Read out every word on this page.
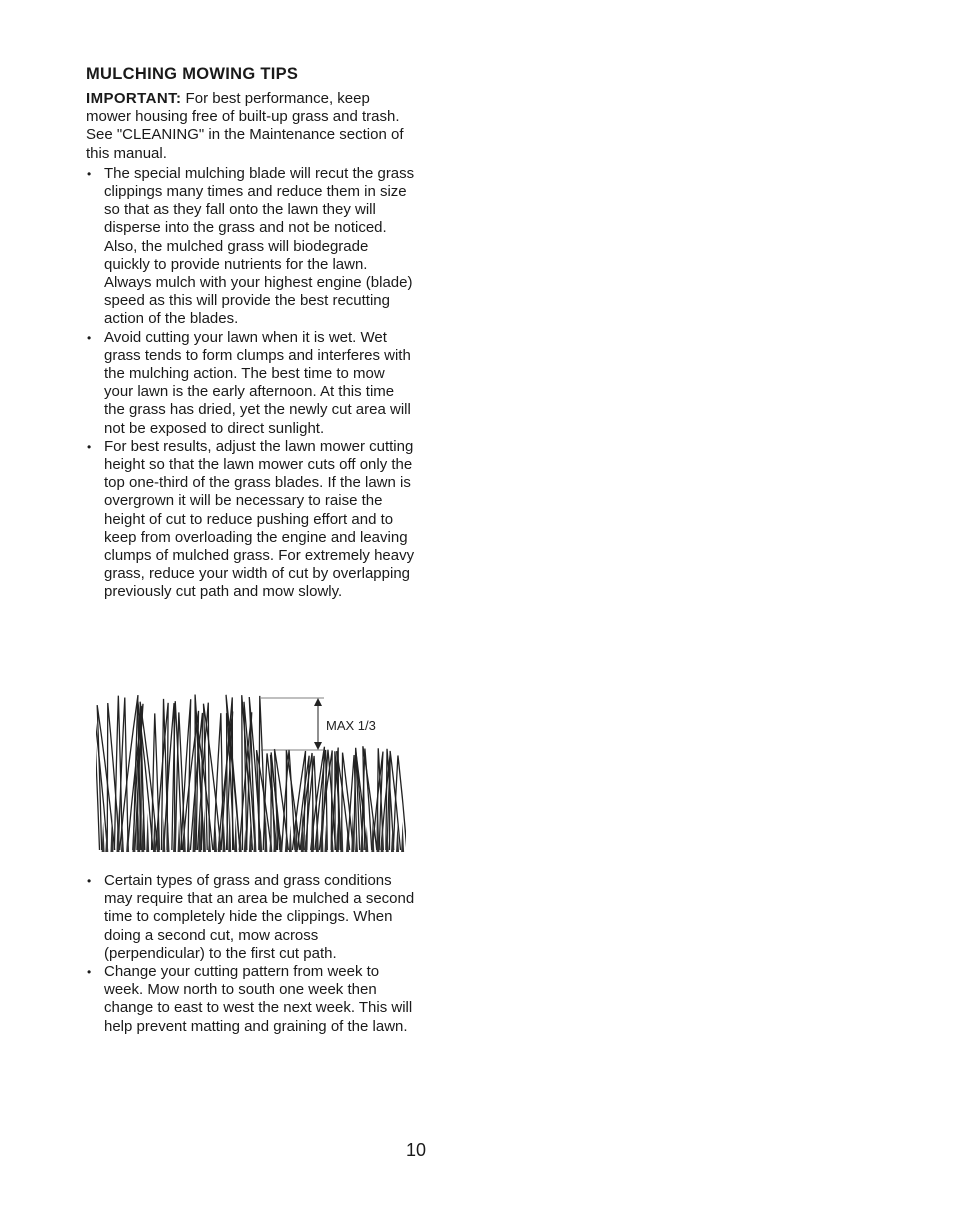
MULCHING MOWING TIPS

IMPORTANT: For best performance, keep mower housing free of built-up grass and trash. See "CLEANING" in the Maintenance section of this manual.

• The special mulching blade will recut the grass clippings many times and reduce them in size so that as they fall onto the lawn they will disperse into the grass and not be noticed. Also, the mulched grass will biodegrade quickly to provide nutrients for the lawn. Always mulch with your highest engine (blade) speed as this will provide the best recutting action of the blades.
• Avoid cutting your lawn when it is wet. Wet grass tends to form clumps and interferes with the mulching action. The best time to mow your lawn is the early afternoon. At this time the grass has dried, yet the newly cut area will not be exposed to direct sunlight.
• For best results, adjust the lawn mower cutting height so that the lawn mower cuts off only the top one-third of the grass blades. If the lawn is overgrown it will be necessary to raise the height of cut to reduce pushing effort and to keep from overloading the engine and leaving clumps of mulched grass. For extremely heavy grass, reduce your width of cut by overlapping previously cut path and mow slowly.
MAX 1/3
• Certain types of grass and grass conditions may require that an area be mulched a second time to completely hide the clippings. When doing a second cut, mow across (perpendicular) to the first cut path.
• Change your cutting pattern from week to week. Mow north to south one week then change to east to west the next week. This will help prevent matting and graining of the lawn.
10
